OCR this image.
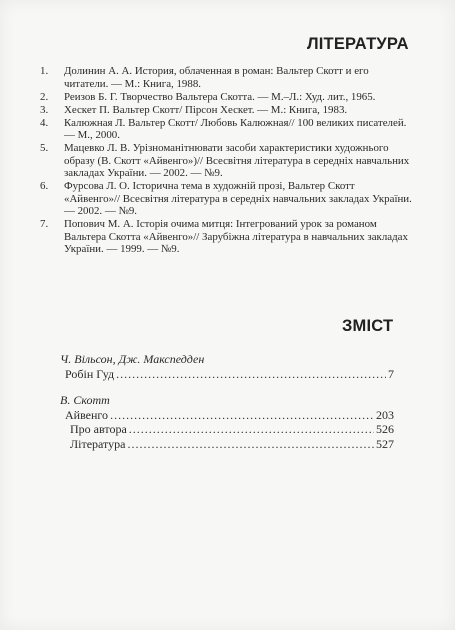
ЛІТЕРАТУРА
1. Долинин А. А. История, облаченная в роман: Вальтер Скотт и его читатели. — М.: Книга, 1988.
2. Реизов Б. Г. Творчество Вальтера Скотта. — М.–Л.: Худ. лит., 1965.
3. Хескет П. Вальтер Скотт/ Пірсон Хескет. — М.: Книга, 1983.
4. Калюжная Л. Вальтер Скотт/ Любовь Калюжная// 100 великих писателей. — М., 2000.
5. Мацевко Л. В. Урізноманітнювати засоби характеристики художнього образу (В. Скотт «Айвенго»)// Всесвітня література в середніх навчальних закладах України. — 2002. — №9.
6. Фурсова Л. О. Історична тема в художній прозі, Вальтер Скотт «Айвенго»// Всесвітня література в середніх навчальних закладах України. — 2002. — №9.
7. Попович М. А. Історія очима митця: Інтегрований урок за романом Вальтера Скотта «Айвенго»// Зарубіжна література в навчальних закладах України. — 1999. — №9.
ЗМІСТ
Ч. Вільсон, Дж. Макспедден
Робін Гуд .....	7
В. Скотт
Айвенго .....	203
Про автора .....	526
Література .....	527
